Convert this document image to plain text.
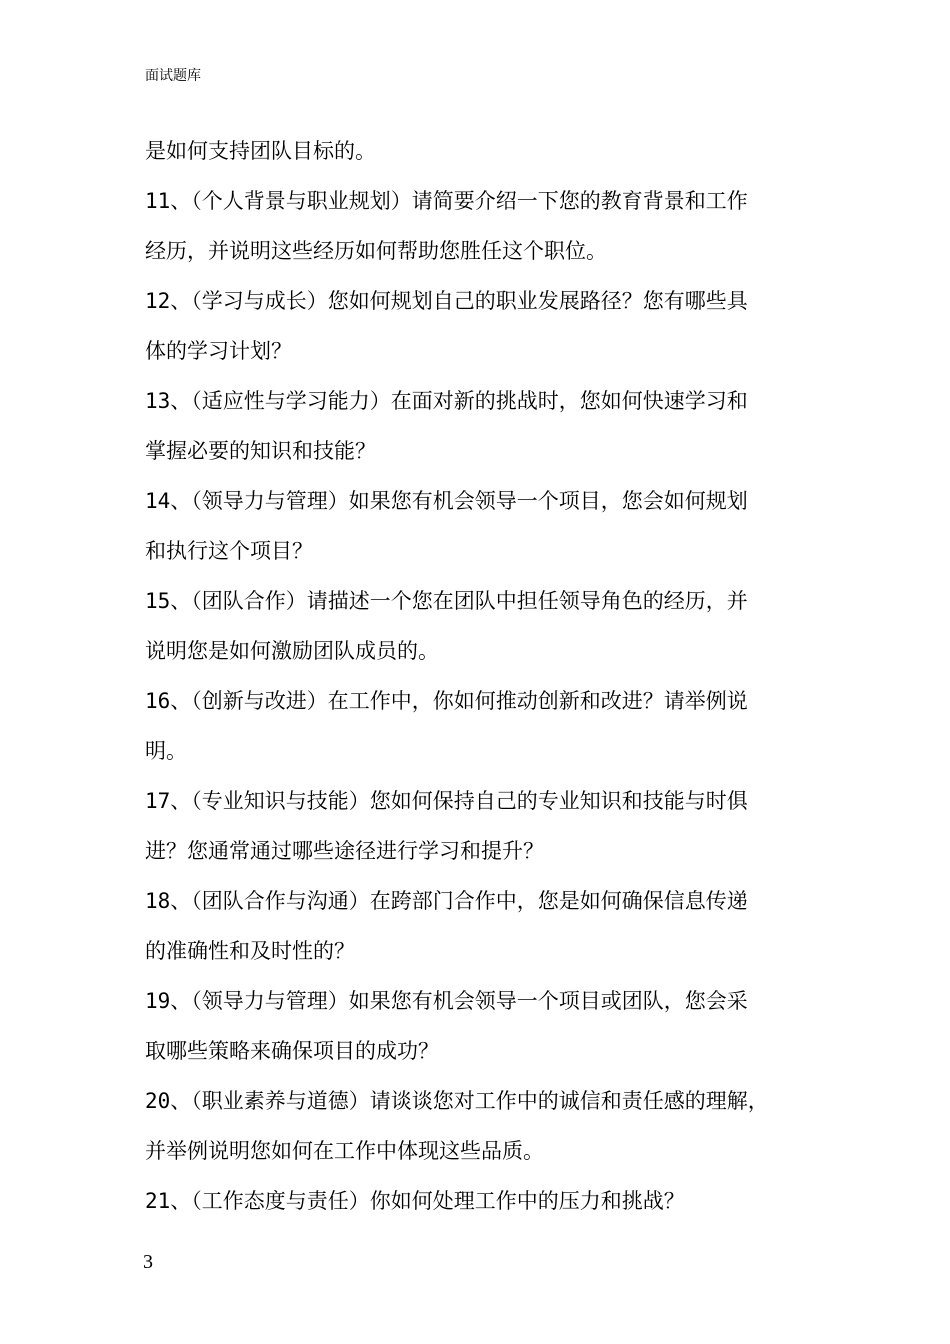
面试题库

是如何支持团队目标的。

11、（个人背景与职业规划）请简要介绍一下您的教育背景和工作
经历，并说明这些经历如何帮助您胜任这个职位。

12、（学习与成长）您如何规划自己的职业发展路径？您有哪些具
体的学习计划？

13、（适应性与学习能力）在面对新的挑战时，您如何快速学习和
掌握必要的知识和技能？

14、（领导力与管理）如果您有机会领导一个项目，您会如何规划
和执行这个项目？

15、（团队合作）请描述一个您在团队中担任领导角色的经历，并
说明您是如何激励团队成员的。

16、（创新与改进）在工作中，你如何推动创新和改进？请举例说
明。

17、（专业知识与技能）您如何保持自己的专业知识和技能与时俱
进？您通常通过哪些途径进行学习和提升？

18、（团队合作与沟通）在跨部门合作中，您是如何确保信息传递
的准确性和及时性的？

19、（领导力与管理）如果您有机会领导一个项目或团队，您会采
取哪些策略来确保项目的成功？

20、（职业素养与道德）请谈谈您对工作中的诚信和责任感的理解，
并举例说明您如何在工作中体现这些品质。

21、（工作态度与责任）你如何处理工作中的压力和挑战？

3
